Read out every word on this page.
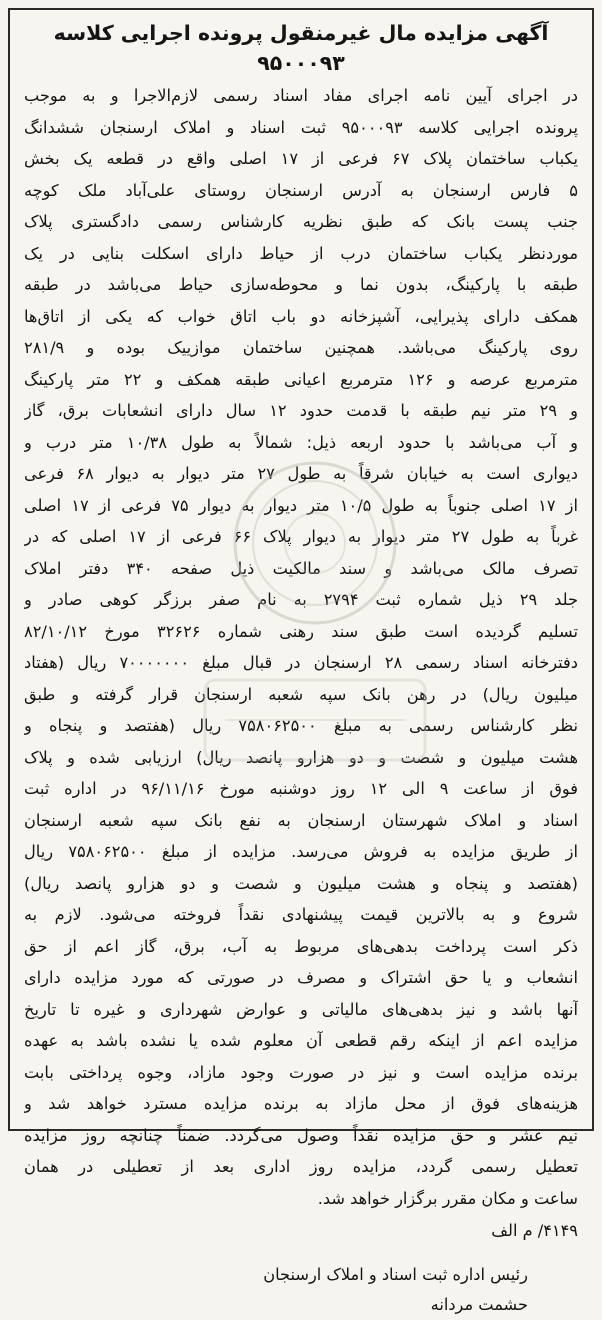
آگهی مزایده مال غیرمنقول پرونده اجرایی کلاسه ۹۵۰۰۰۹۳
در اجرای آیین نامه اجرای مفاد اسناد رسمی لازم‌الاجرا و به موجب
پرونده اجرایی کلاسه ۹۵۰۰۰۹۳ ثبت اسناد و املاک ارسنجان ششدانگ
یکباب ساختمان پلاک ۶۷ فرعی از ۱۷ اصلی واقع در قطعه یک بخش
۵ فارس ارسنجان به آدرس ارسنجان روستای علی‌آباد ملک کوچه
جنب پست بانک که طبق نظریه کارشناس رسمی دادگستری پلاک
موردنظر یکباب ساختمان درب از حیاط دارای اسکلت بنایی در یک
طبقه با پارکینگ، بدون نما و محوطه‌سازی حیاط می‌باشد در طبقه
همکف دارای پذیرایی، آشپزخانه دو باب اتاق خواب که یکی از اتاق‌ها
روی پارکینگ می‌باشد. همچنین ساختمان موازییک بوده و ۲۸۱/۹
مترمربع عرصه و ۱۲۶ مترمربع اعیانی طبقه همکف و ۲۲ متر پارکینگ
و ۲۹ متر نیم طبقه با قدمت حدود ۱۲ سال دارای انشعابات برق، گاز
و آب می‌باشد با حدود اربعه ذیل: شمالاً به طول ۱۰/۳۸ متر درب و
دیواری است به خیابان شرقاً به طول ۲۷ متر دیوار به دیوار ۶۸ فرعی
از ۱۷ اصلی جنوباً به طول ۱۰/۵ متر دیوار به دیوار ۷۵ فرعی از ۱۷ اصلی
غرباً به طول ۲۷ متر دیوار به دیوار پلاک ۶۶ فرعی از ۱۷ اصلی که در
تصرف مالک می‌باشد و سند مالکیت ذیل صفحه ۳۴۰ دفتر املاک
جلد ۲۹ ذیل شماره ثبت ۲۷۹۴ به نام صفر برزگر کوهی صادر و
تسلیم گردیده است طبق سند رهنی شماره ۳۲۶۲۶ مورخ ۸۲/۱۰/۱۲
دفترخانه اسناد رسمی ۲۸ ارسنجان در قبال مبلغ ۷۰۰۰۰۰۰۰ ریال (هفتاد
میلیون ریال) در رهن بانک سپه شعبه ارسنجان قرار گرفته و طبق
نظر کارشناس رسمی به مبلغ ۷۵۸۰۶۲۵۰۰ ریال (هفتصد و پنجاه و
هشت میلیون و شصت و دو هزارو پانصد ریال) ارزیابی شده و پلاک
فوق از ساعت ۹ الی ۱۲ روز دوشنبه مورخ ۹۶/۱۱/۱۶ در اداره ثبت
اسناد و املاک شهرستان ارسنجان به نفع بانک سپه شعبه ارسنجان
از طریق مزایده به فروش می‌رسد. مزایده از مبلغ ۷۵۸۰۶۲۵۰۰ ریال
(هفتصد و پنجاه و هشت میلیون و شصت و دو هزارو پانصد ریال)
شروع و به بالاترین قیمت پیشنهادی نقداً فروخته می‌شود. لازم به
ذکر است پرداخت بدهی‌های مربوط به آب، برق، گاز اعم از حق
انشعاب و یا حق اشتراک و مصرف در صورتی که مورد مزایده دارای
آنها باشد و نیز بدهی‌های مالیاتی و عوارض شهرداری و غیره تا تاریخ
مزایده اعم از اینکه رقم قطعی آن معلوم شده یا نشده باشد به عهده
برنده مزایده است و نیز در صورت وجود مازاد، وجوه پرداختی بابت
هزینه‌های فوق از محل مازاد به برنده مزایده مسترد خواهد شد و
نیم عشر و حق مزایده نقداً وصول می‌گردد. ضمناً چنانچه روز مزایده
تعطیل رسمی گردد، مزایده روز اداری بعد از تعطیلی در همان
ساعت و مکان مقرر برگزار خواهد شد.
۴۱۴۹/ م الف
رئیس اداره ثبت اسناد و املاک ارسنجان
حشمت مردانه
